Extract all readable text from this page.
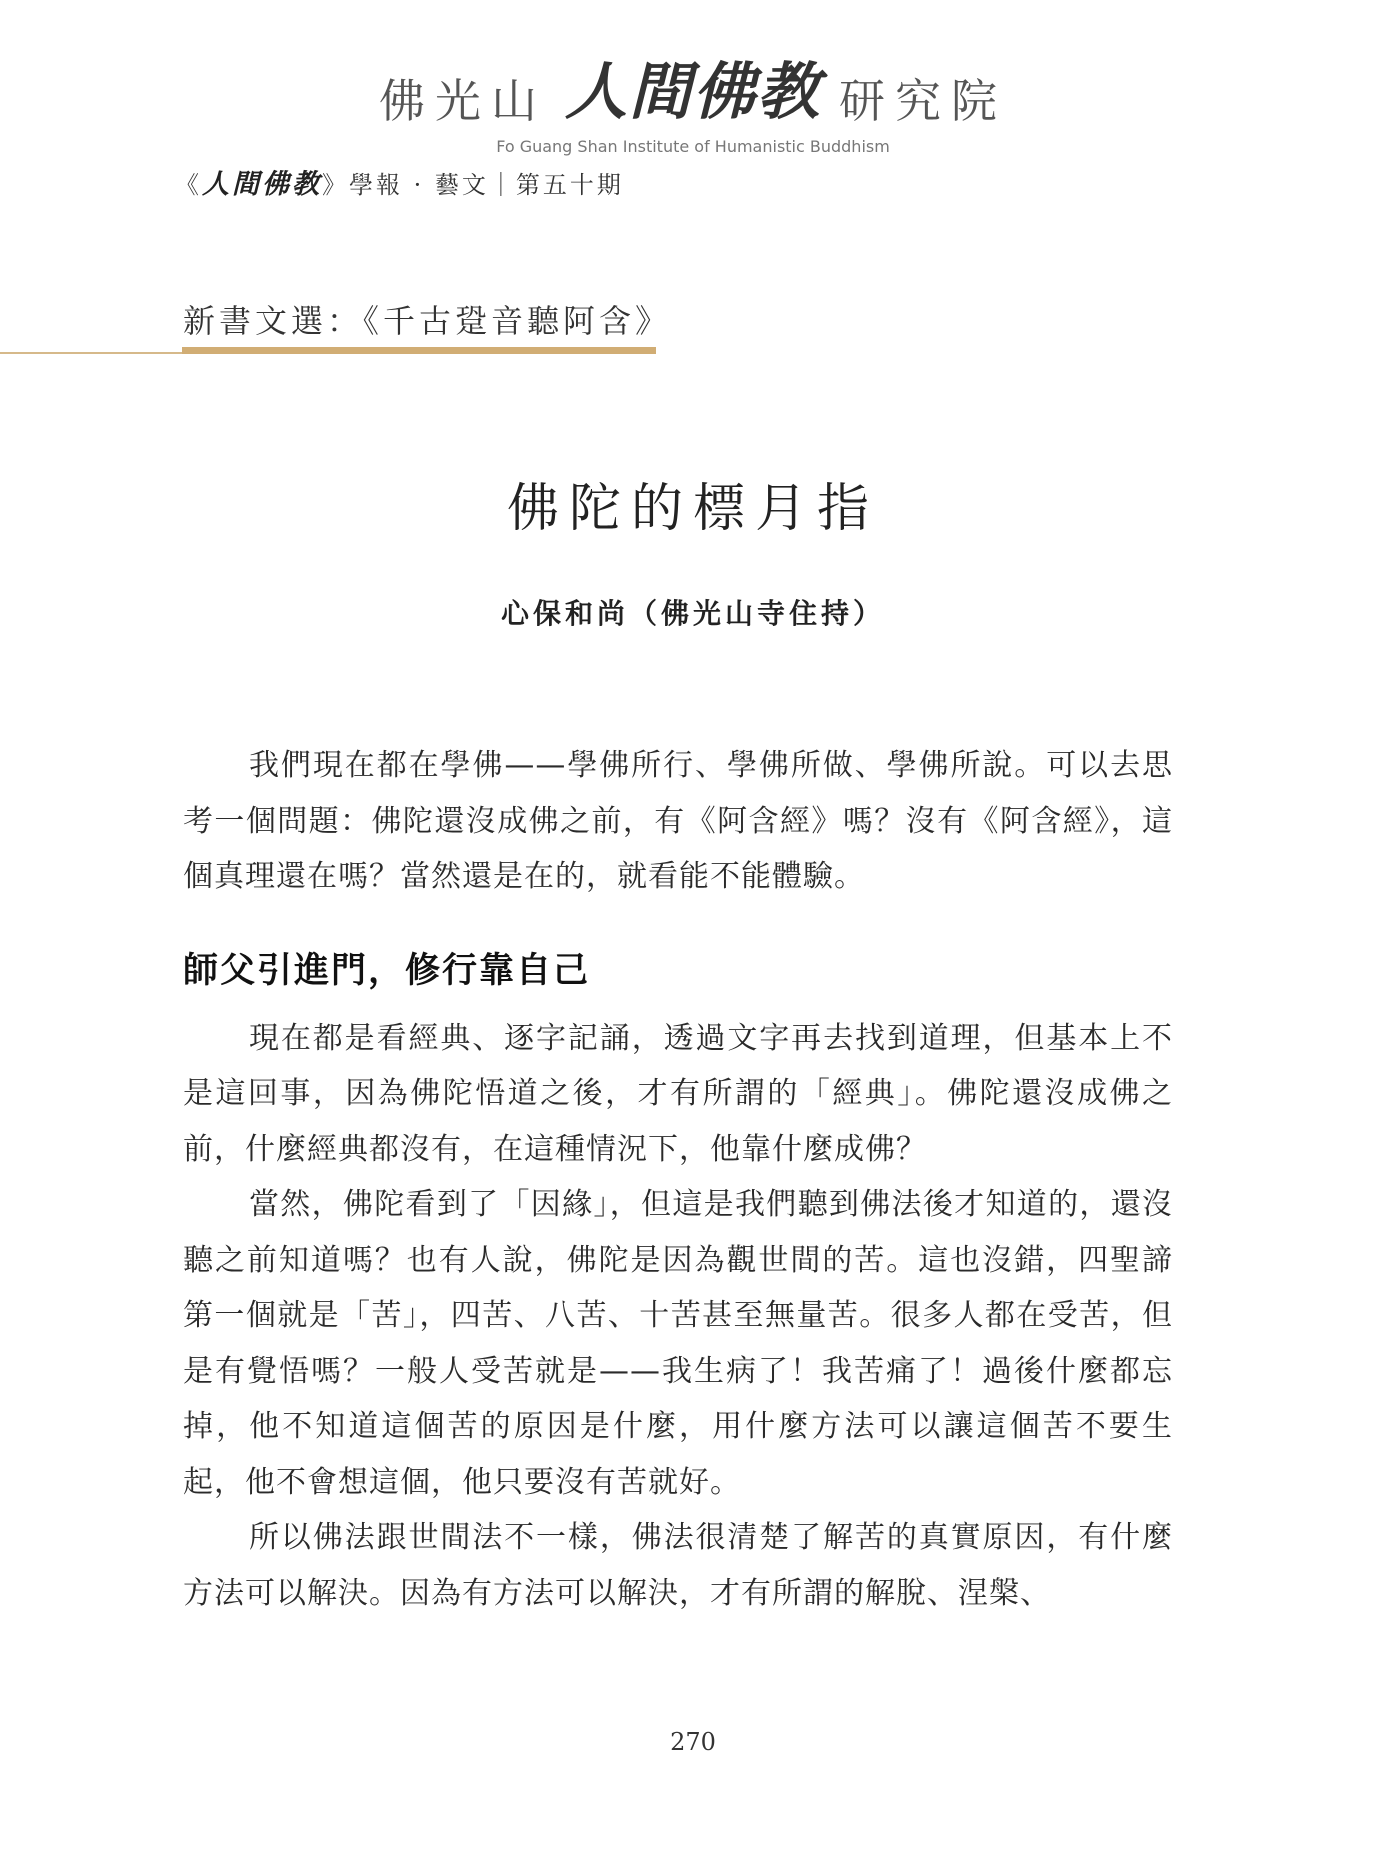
佛光山 人間佛教 研究院
Fo Guang Shan Institute of Humanistic Buddhism
《人間佛教》學報 · 藝文｜第五十期
新書文選：《千古跫音聽阿含》
佛陀的標月指
心保和尚（佛光山寺住持）

我們現在都在學佛——學佛所行、學佛所做、學佛所說。可以去思考一個問題：佛陀還沒成佛之前，有《阿含經》嗎？沒有《阿含經》，這個真理還在嗎？當然還是在的，就看能不能體驗。

師父引進門，修行靠自己

現在都是看經典、逐字記誦，透過文字再去找到道理，但基本上不是這回事，因為佛陀悟道之後，才有所謂的「經典」。佛陀還沒成佛之前，什麼經典都沒有，在這種情況下，他靠什麼成佛？

當然，佛陀看到了「因緣」，但這是我們聽到佛法後才知道的，還沒聽之前知道嗎？也有人說，佛陀是因為觀世間的苦。這也沒錯，四聖諦第一個就是「苦」，四苦、八苦、十苦甚至無量苦。很多人都在受苦，但是有覺悟嗎？一般人受苦就是——我生病了！我苦痛了！過後什麼都忘掉，他不知道這個苦的原因是什麼，用什麼方法可以讓這個苦不要生起，他不會想這個，他只要沒有苦就好。

所以佛法跟世間法不一樣，佛法很清楚了解苦的真實原因，有什麼方法可以解決。因為有方法可以解決，才有所謂的解脫、涅槃、

270
